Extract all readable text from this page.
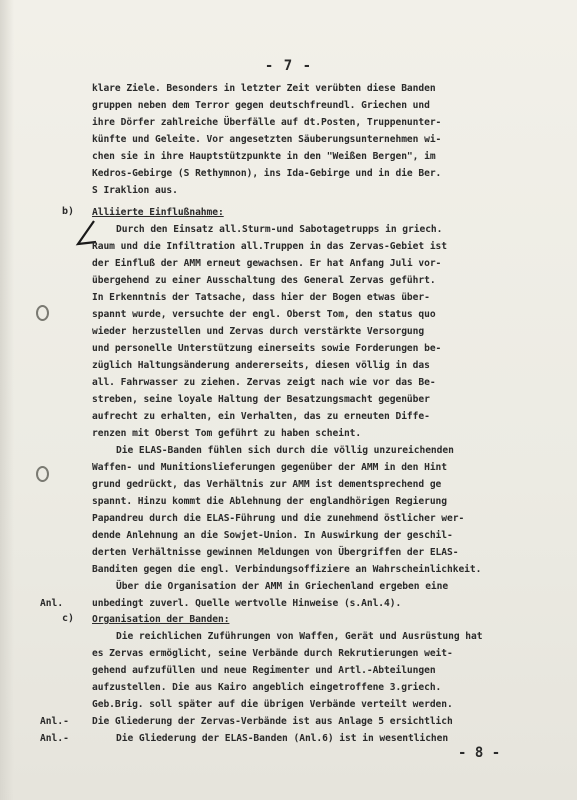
- 7 -
klare Ziele. Besonders in letzter Zeit verübten diese Banden
gruppen neben dem Terror gegen deutschfreundl. Griechen und
ihre Dörfer zahlreiche Überfälle auf dt.Posten, Truppenunter-
künfte und Geleite. Vor angesetzten Säuberungsunternehmen wi-
chen sie in ihre Hauptstützpunkte in den "Weißen Bergen", im
Kedros-Gebirge (S Rethymnon), ins Ida-Gebirge und in die Ber.
S Iraklion aus.
b) Alliierte Einflußnahme:
Durch den Einsatz all.Sturm-und Sabotagetrupps in griech.
Raum und die Infiltration all.Truppen in das Zervas-Gebiet ist
der Einfluß der AMM erneut gewachsen. Er hat Anfang Juli vor-
übergehend zu einer Ausschaltung des General Zervas geführt.
In Erkenntnis der Tatsache, dass hier der Bogen etwas über-
spannt wurde, versuchte der engl. Oberst Tom, den status quo
wieder herzustellen und Zervas durch verstärkte Versorgung
und personelle Unterstützung einerseits sowie Forderungen be-
züglich Haltungsänderung andererseits, diesen völlig in das
all. Fahrwasser zu ziehen. Zervas zeigt nach wie vor das Be-
streben, seine loyale Haltung der Besatzungsmacht gegenüber
aufrecht zu erhalten, ein Verhalten, das zu erneuten Diffe-
renzen mit Oberst Tom geführt zu haben scheint.
Die ELAS-Banden fühlen sich durch die völlig unzureichenden
Waffen- und Munitionslieferungen gegenüber der AMM in den Hint
grund gedrückt, das Verhältnis zur AMM ist dementsprechend ge
spannt. Hinzu kommt die Ablehnung der englandhörigen Regierung
Papandreu durch die ELAS-Führung und die zunehmend östlicher wer-
dende Anlehnung an die Sowjet-Union. In Auswirkung der geschil-
derten Verhältnisse gewinnen Meldungen von Übergriffen der ELAS-
Banditen gegen die engl. Verbindungsoffiziere an Wahrscheinlichkeit.
Über die Organisation der AMM in Griechenland ergeben eine
Anl.	unbedingt zuverl. Quelle wertvolle Hinweise (s.Anl.4).
c) Organisation der Banden:
Die reichlichen Zuführungen von Waffen, Gerät und Ausrüstung hat
es Zervas ermöglicht, seine Verbände durch Rekrutierungen weit-
gehend aufzufüllen und neue Regimenter und Artl.-Abteilungen
aufzustellen. Die aus Kairo angeblich eingetroffene 3.griech.
Geb.Brig. soll später auf die übrigen Verbände verteilt werden.
Anl.- Die Gliederung der Zervas-Verbände ist aus Anlage 5 ersichtlich
Anl.-	Die Gliederung der ELAS-Banden (Anl.6) ist in wesentlichen
- 8 -
